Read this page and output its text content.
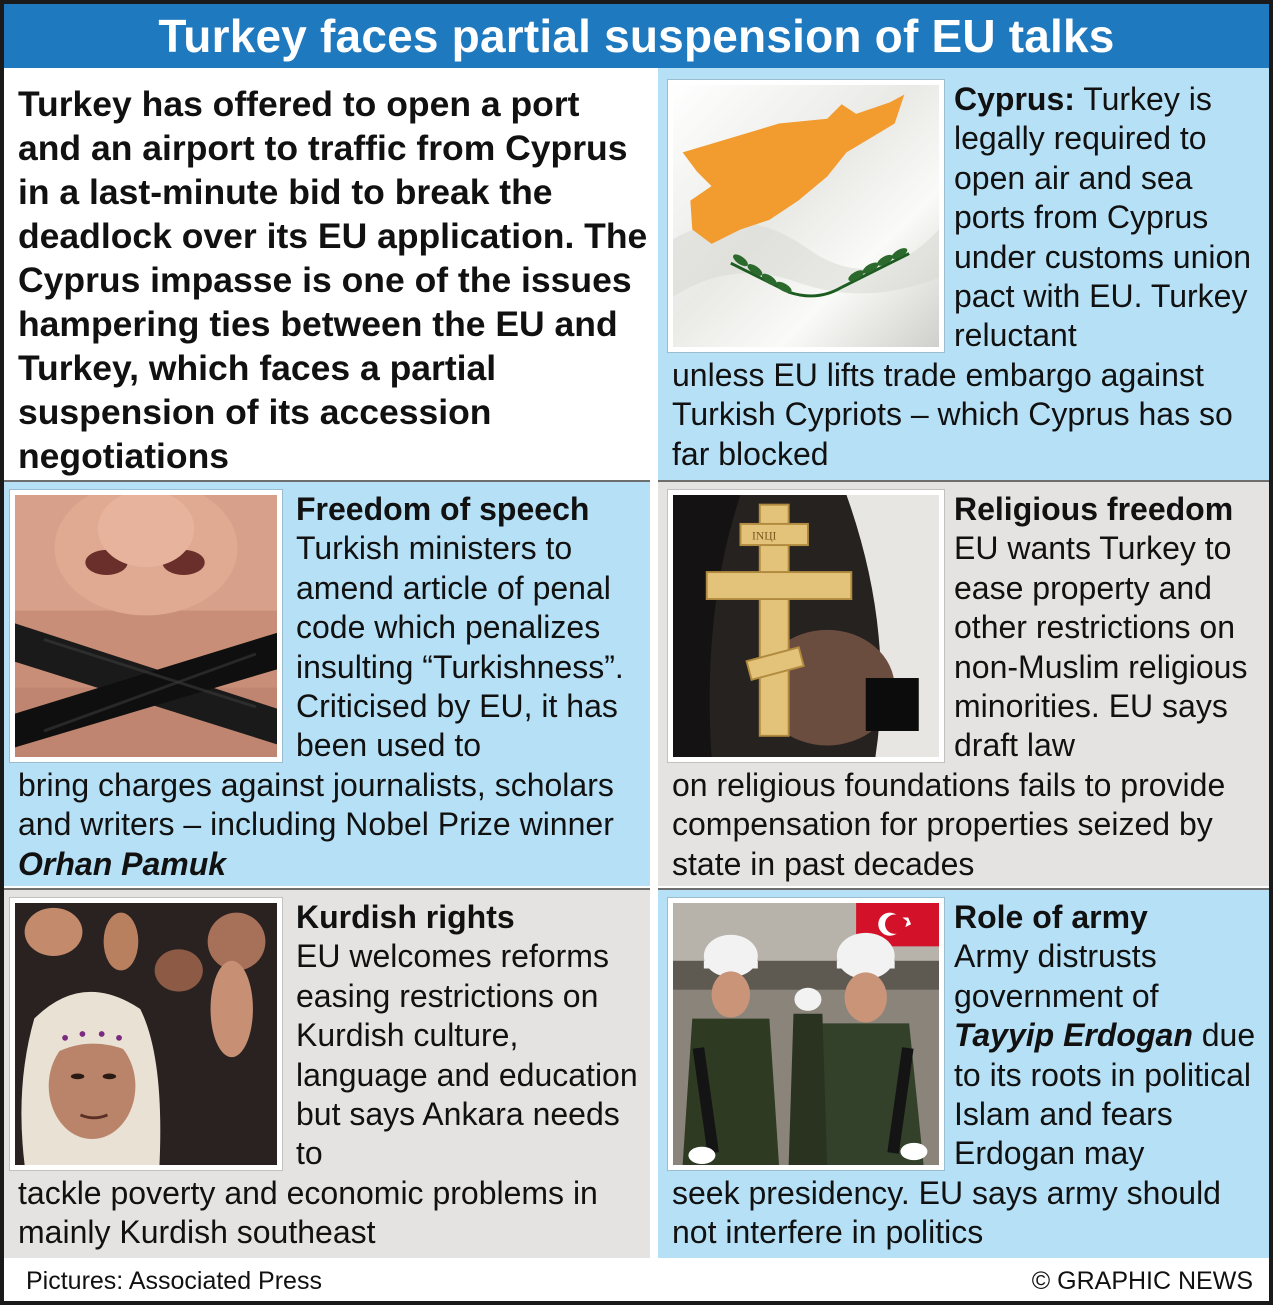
Turkey faces partial suspension of EU talks
Turkey has offered to open a port and an airport to traffic from Cyprus in a last-minute bid to break the deadlock over its EU application. The Cyprus impasse is one of the issues hampering ties between the EU and Turkey, which faces a partial suspension of its accession negotiations
Cyprus: Turkey is legally required to open air and sea ports from Cyprus under customs union pact with EU. Turkey reluctant
unless EU lifts trade embargo against Turkish Cypriots – which Cyprus has so far blocked
Freedom of speech
Turkish ministers to amend article of penal code which penalizes insulting “Turkishness”. Criticised by EU, it has been used to
bring charges against journalists, scholars and writers – including Nobel Prize winner Orhan Pamuk
INЦI
Religious freedom
EU wants Turkey to ease property and other restrictions on non-Muslim religious minorities. EU says draft law
on religious foundations fails to provide compensation for properties seized by state in past decades
Kurdish rights
EU welcomes reforms easing restrictions on Kurdish culture, language and education but says Ankara needs to
tackle poverty and economic problems in mainly Kurdish southeast
Role of army
Army distrusts government of Tayyip Erdogan due to its roots in political Islam and fears Erdogan may
seek presidency. EU says army should not interfere in politics
Pictures: Associated Press	© GRAPHIC NEWS
